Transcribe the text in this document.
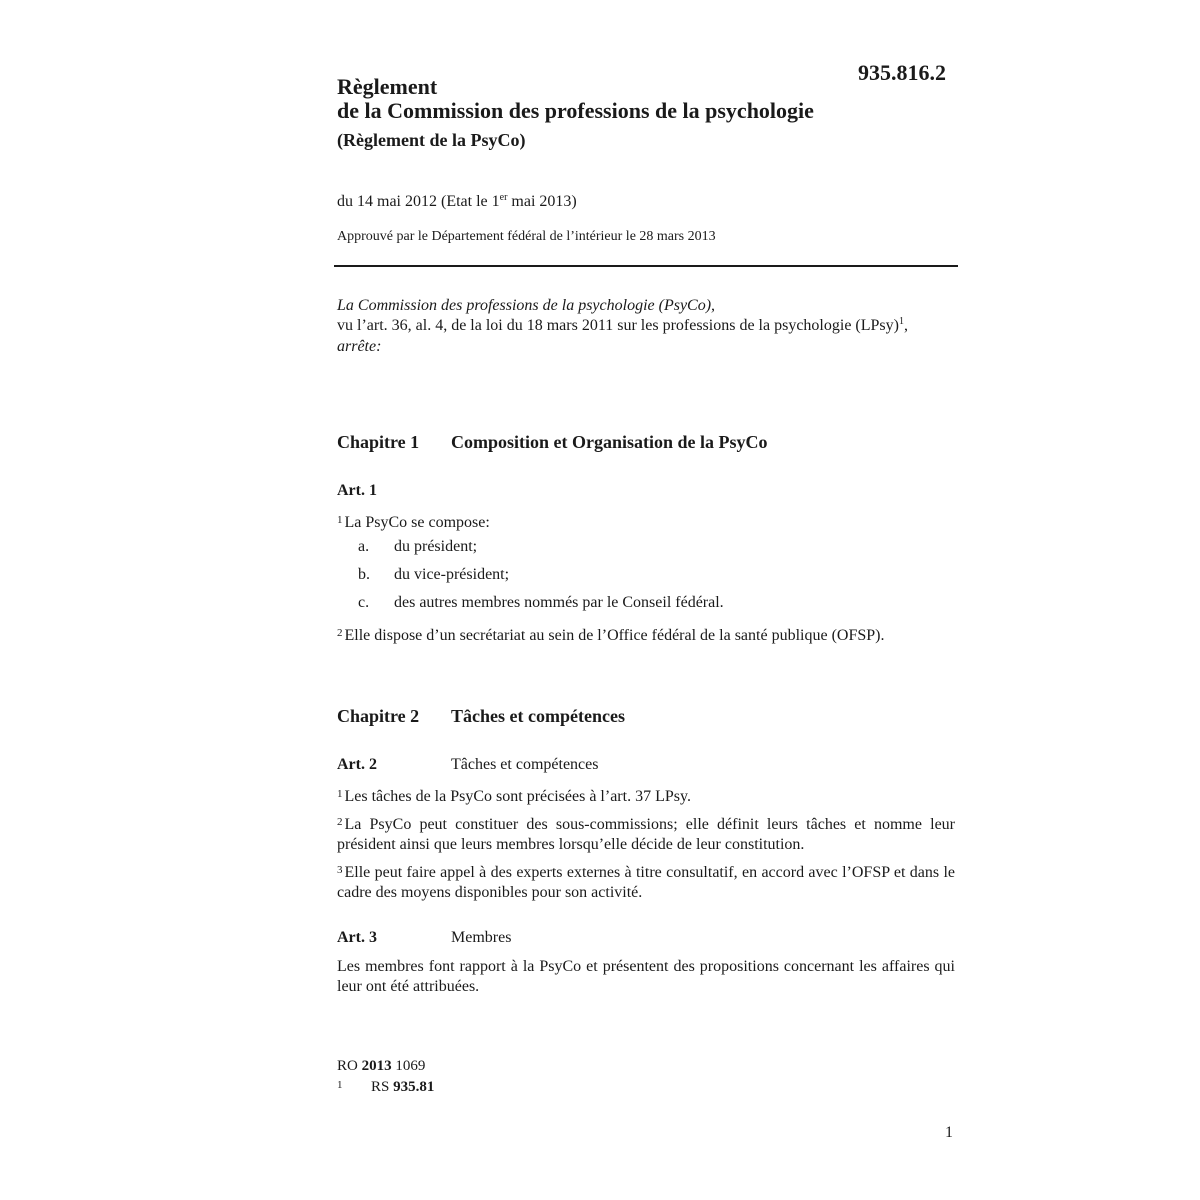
935.816.2
Règlement
de la Commission des professions de la psychologie
(Règlement de la PsyCo)
du 14 mai 2012 (Etat le 1er mai 2013)
Approuvé par le Département fédéral de l’intérieur le 28 mars 2013
La Commission des professions de la psychologie (PsyCo),
vu l’art. 36, al. 4, de la loi du 18 mars 2011 sur les professions de la psychologie (LPsy)$^1$,
arrête:
Chapitre 1 Composition et Organisation de la PsyCo
Art. 1
$^1$ La PsyCo se compose:
a. du président;
b. du vice-président;
c. des autres membres nommés par le Conseil fédéral.
$^2$ Elle dispose d’un secrétariat au sein de l’Office fédéral de la santé publique (OFSP).
Chapitre 2 Tâches et compétences
Art. 2	Tâches et compétences
$^1$ Les tâches de la PsyCo sont précisées à l’art. 37 LPsy.
$^2$ La PsyCo peut constituer des sous-commissions; elle définit leurs tâches et nomme leur président ainsi que leurs membres lorsqu’elle décide de leur constitution.
$^3$ Elle peut faire appel à des experts externes à titre consultatif, en accord avec l’OFSP et dans le cadre des moyens disponibles pour son activité.
Art. 3	Membres
Les membres font rapport à la PsyCo et présentent des propositions concernant les affaires qui leur ont été attribuées.
RO 2013 1069
1 RS 935.81
1
